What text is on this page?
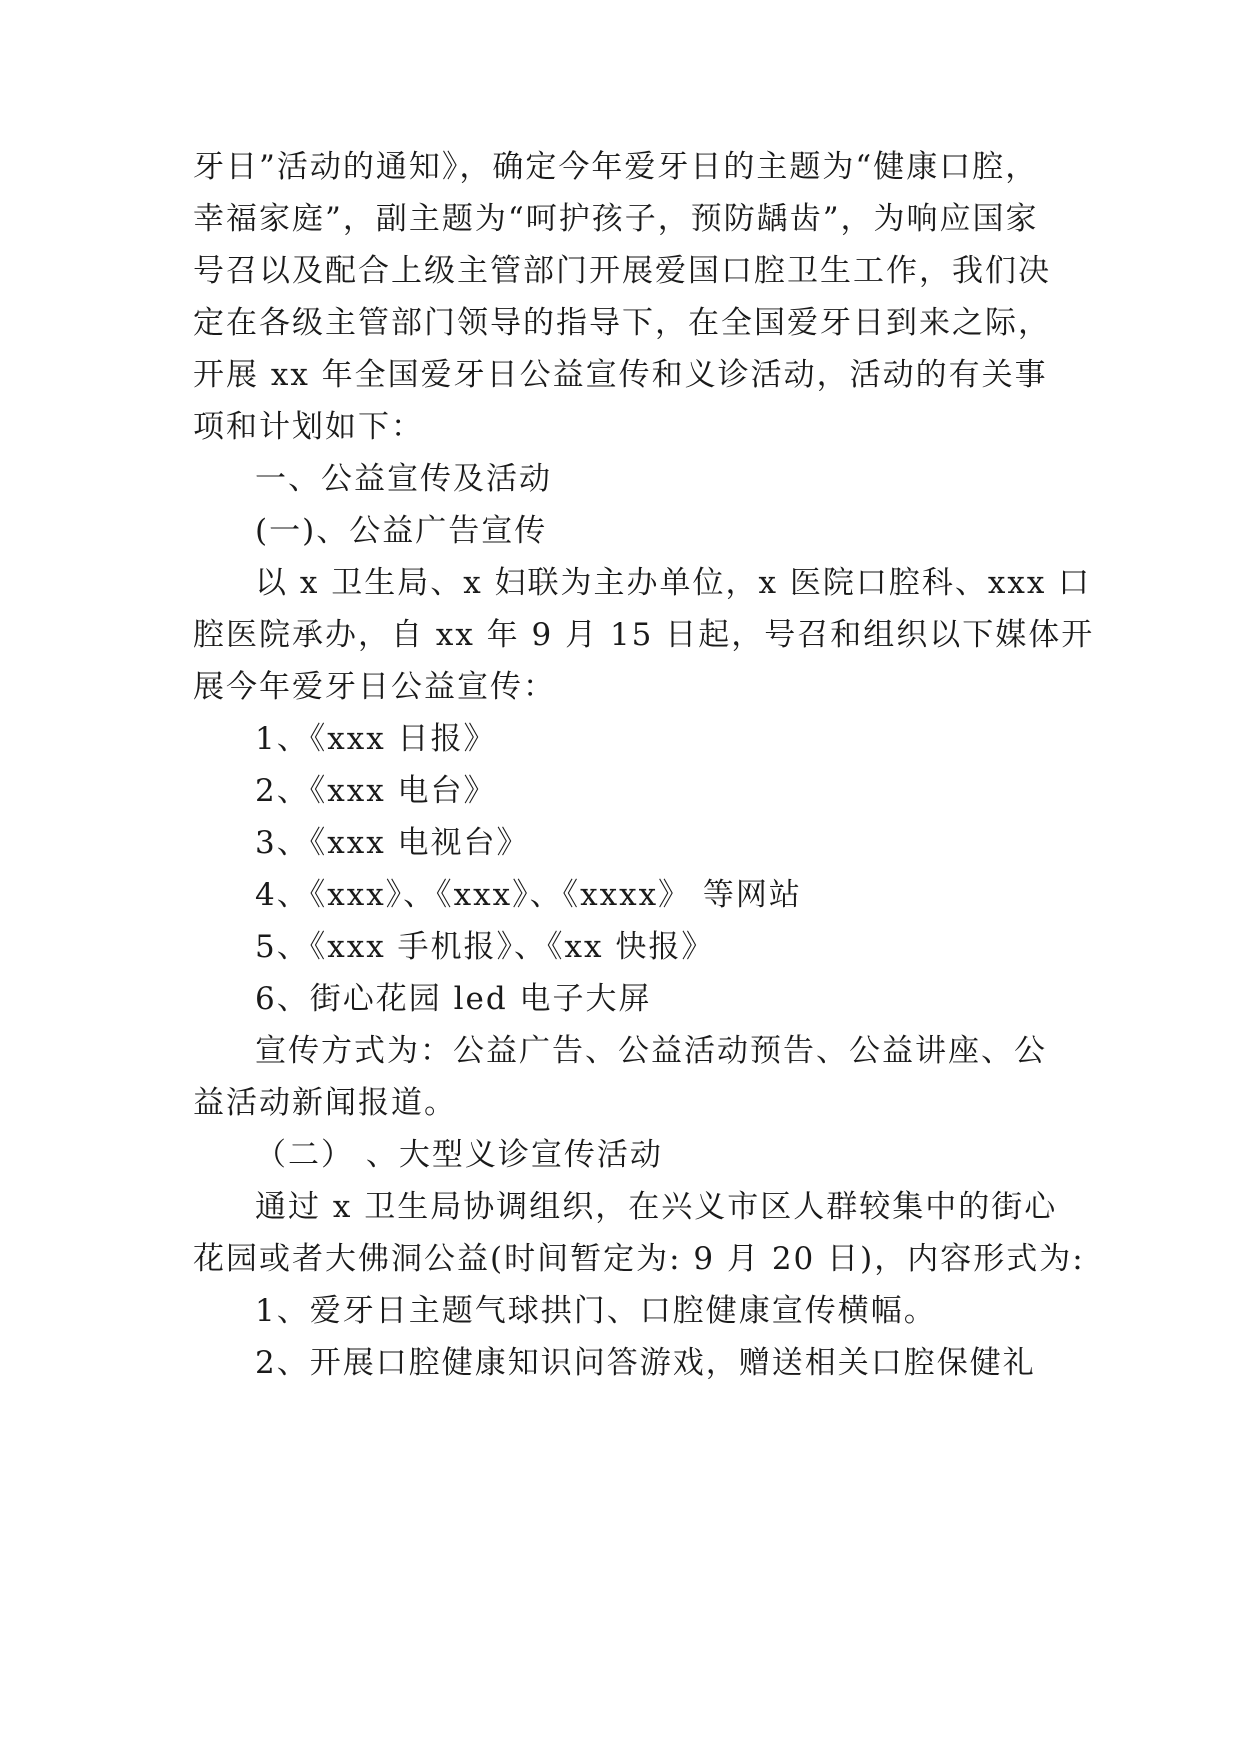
牙日”活动的通知》，确定今年爱牙日的主题为“健康口腔，
幸福家庭”，副主题为“呵护孩子，预防龋齿”，为响应国家
号召以及配合上级主管部门开展爱国口腔卫生工作，我们决
定在各级主管部门领导的指导下，在全国爱牙日到来之际，
开展 xx 年全国爱牙日公益宣传和义诊活动，活动的有关事
项和计划如下：
一、公益宣传及活动
(一)、公益广告宣传
以 x 卫生局、x 妇联为主办单位，x 医院口腔科、xxx 口
腔医院承办，自 xx 年 9 月 15 日起，号召和组织以下媒体开
展今年爱牙日公益宣传：
1、《xxx 日报》
2、《xxx 电台》
3、《xxx 电视台》
4、《xxx》、《xxx》、《xxxx》 等网站
5、《xxx 手机报》、《xx 快报》
6、街心花园 led 电子大屏
宣传方式为：公益广告、公益活动预告、公益讲座、公
益活动新闻报道。
（二） 、大型义诊宣传活动
通过 x 卫生局协调组织，在兴义市区人群较集中的街心
花园或者大佛洞公益(时间暂定为: 9 月 20 日)，内容形式为:
1、爱牙日主题气球拱门、口腔健康宣传横幅。
2、开展口腔健康知识问答游戏，赠送相关口腔保健礼
